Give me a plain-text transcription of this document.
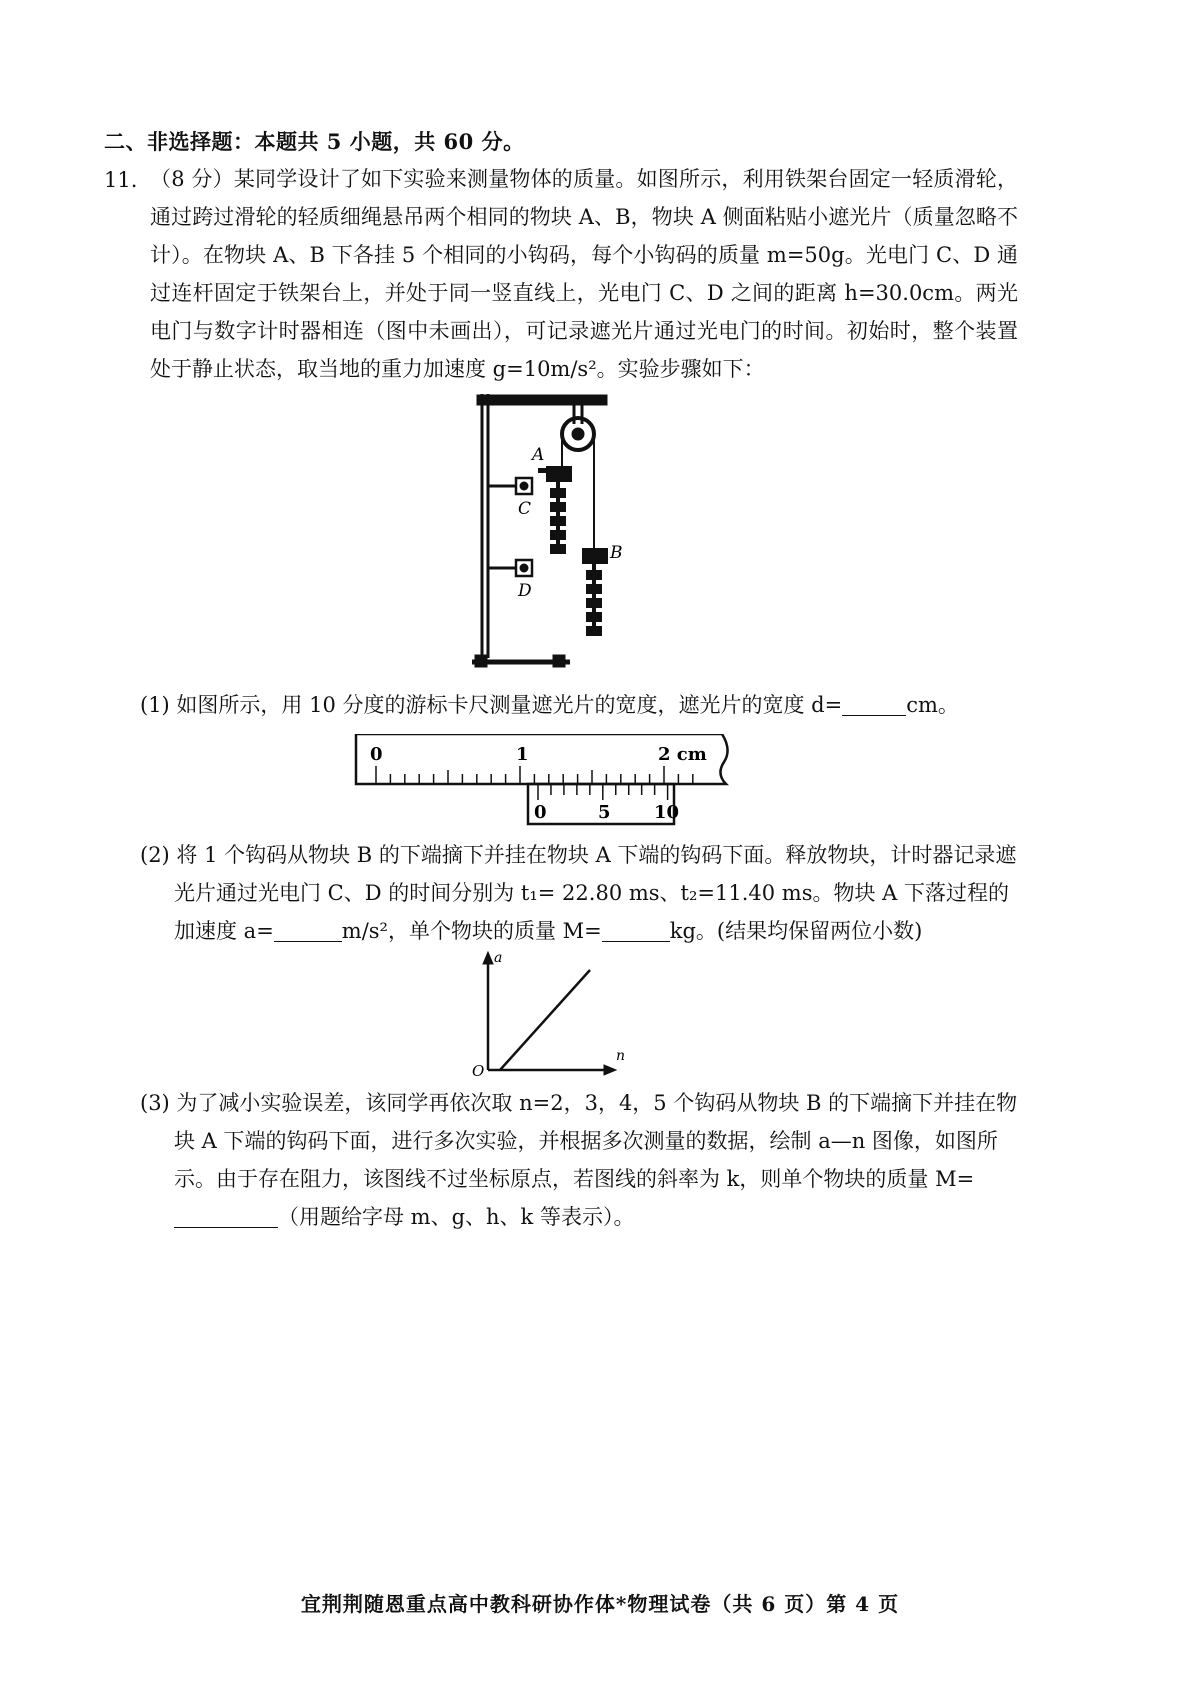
二、非选择题：本题共 5 小题，共 60 分。
11. （8 分）某同学设计了如下实验来测量物体的质量。如图所示，利用铁架台固定一轻质滑轮，通过跨过滑轮的轻质细绳悬吊两个相同的物块 A、B，物块 A 侧面粘贴小遮光片（质量忽略不计）。在物块 A、B 下各挂 5 个相同的小钩码，每个小钩码的质量 m=50g。光电门 C、D 通过连杆固定于铁架台上，并处于同一竖直线上，光电门 C、D 之间的距离 h=30.0cm。两光电门与数字计时器相连（图中未画出），可记录遮光片通过光电门的时间。初始时，整个装置处于静止状态，取当地的重力加速度 g=10m/s²。实验步骤如下：
A
B
C
D
(1) 如图所示，用 10 分度的游标卡尺测量遮光片的宽度，遮光片的宽度 d=	cm。
0	1	2 cm
0	5 10
(2) 将 1 个钩码从物块 B 的下端摘下并挂在物块 A 下端的钩码下面。释放物块，计时器记录遮光片通过光电门 C、D 的时间分别为 t₁= 22.80 ms、t₂=11.40 ms。物块 A 下落过程的加速度 a=	m/s²，单个物块的质量 M=	kg。(结果均保留两位小数)
a
n
O
(3) 为了减小实验误差，该同学再依次取 n=2，3，4，5 个钩码从物块 B 的下端摘下并挂在物块 A 下端的钩码下面，进行多次实验，并根据多次测量的数据，绘制 a—n 图像，如图所示。由于存在阻力，该图线不过坐标原点，若图线的斜率为 k，则单个物块的质量 M=
（用题给字母 m、g、h、k 等表示）。
宜荆荆随恩重点高中教科研协作体*物理试卷（共 6 页）第 4 页
